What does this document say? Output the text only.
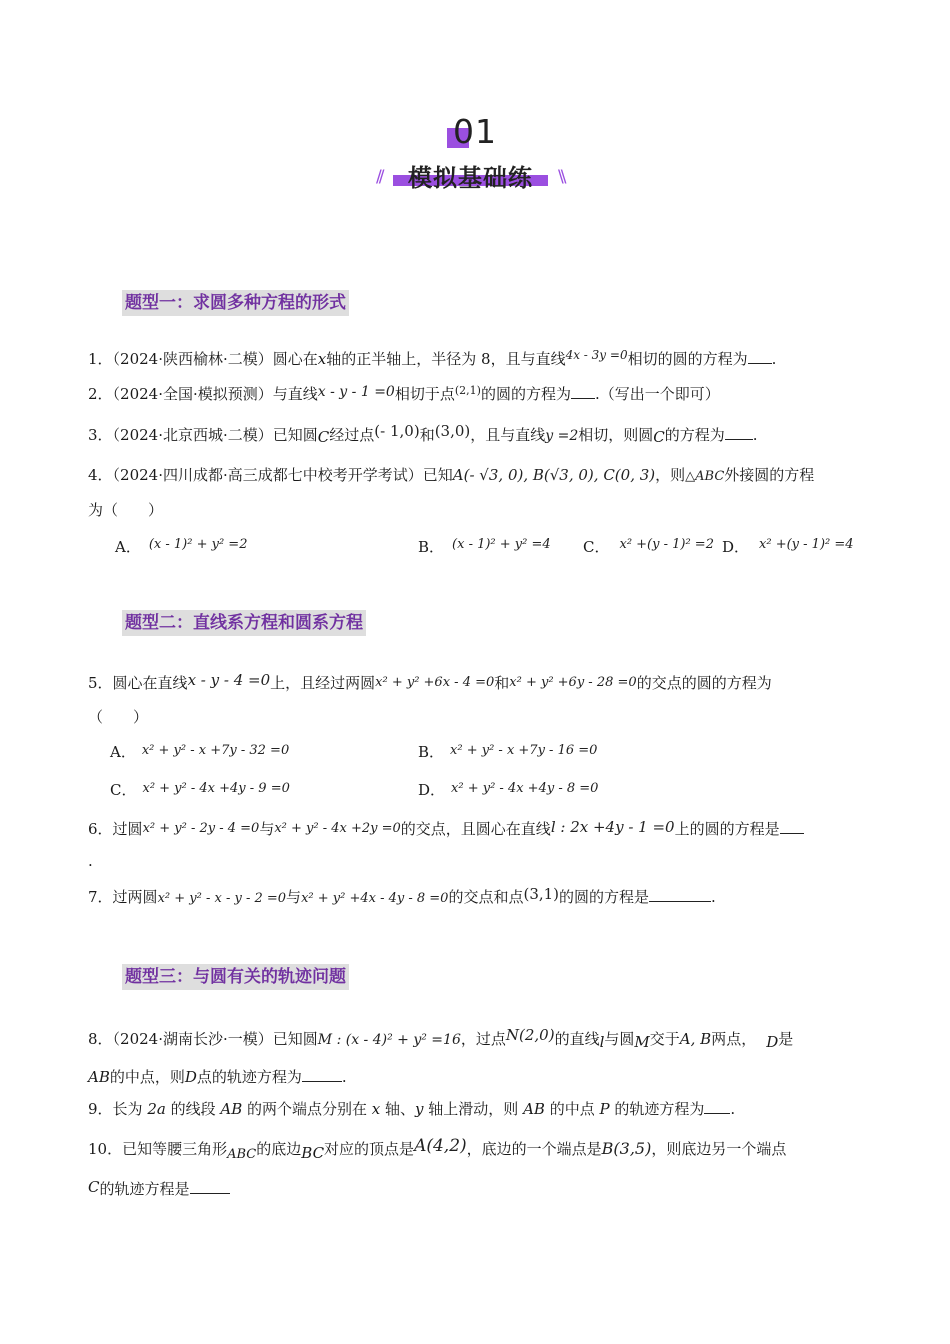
01
模拟基础练
//	\\
题型一：求圆多种方程的形式
1．（2024·陕西榆林·二模）圆心在x轴的正半轴上，半径为 8，且与直线$^{4x - 3y =0}$相切的圆的方程为 .
2．（2024·全国·模拟预测）与直线x - y - 1 =0相切于点$^{(2,1)}$的圆的方程为 .（写出一个即可）
3．（2024·北京西城·二模）已知圆C经过点(- 1,0)和(3,0)，且与直线y =2相切，则圆C的方程为 .
4．（2024·四川成都·高三成都七中校考开学考试）已知A(- √3, 0), B(√3, 0), C(0, 3)，则△ABC外接圆的方程
为（　　）
A． (x - 1)² + y² =2	B． (x - 1)² + y² =4 C． x² +(y - 1)² =2 D． x² +(y - 1)² =4
题型二：直线系方程和圆系方程
5．圆心在直线x - y - 4 =0上，且经过两圆x² + y² +6x - 4 =0和x² + y² +6y - 28 =0的交点的圆的方程为
（　　）
A． x² + y² - x +7y - 32 =0	B． x² + y² - x +7y - 16 =0
C． x² + y² - 4x +4y - 9 =0	D． x² + y² - 4x +4y - 8 =0
6．过圆x² + y² - 2y - 4 =0与x² + y² - 4x +2y =0的交点，且圆心在直线l : 2x +4y - 1 =0上的圆的方程是
.
7．过两圆x² + y² - x - y - 2 =0与x² + y² +4x - 4y - 8 =0的交点和点(3,1)的圆的方程是	.
题型三：与圆有关的轨迹问题
8．（2024·湖南长沙·一模）已知圆M : (x - 4)² + y² =16，过点N(2,0)的直线l与圆M交于A, B两点， D是
AB的中点，则D点的轨迹方程为	.
9．长为 2a 的线段 AB 的两个端点分别在 x 轴、y 轴上滑动，则 AB 的中点 P 的轨迹方程为 .
10．已知等腰三角形ABC的底边BC对应的顶点是A(4,2)，底边的一个端点是B(3,5)，则底边另一个端点
C的轨迹方程是
